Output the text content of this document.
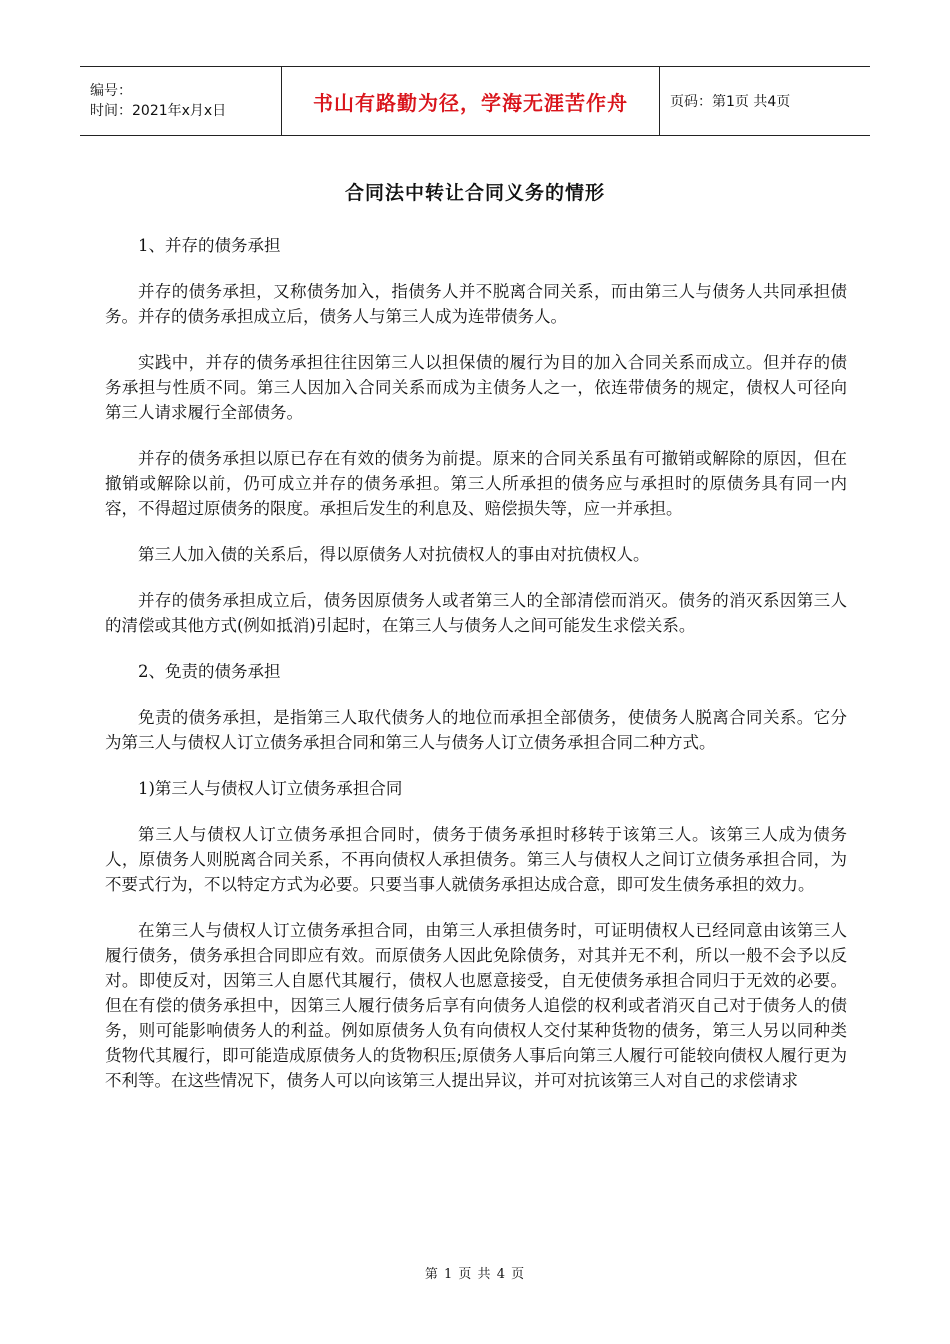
编号：
时间：2021年x月x日	书山有路勤为径，学海无涯苦作舟	页码：第1页 共4页
合同法中转让合同义务的情形

1、并存的债务承担

并存的债务承担，又称债务加入，指债务人并不脱离合同关系，而由第三人与债务人共同承担债务。并存的债务承担成立后，债务人与第三人成为连带债务人。

实践中，并存的债务承担往往因第三人以担保债的履行为目的加入合同关系而成立。但并存的债务承担与性质不同。第三人因加入合同关系而成为主债务人之一，依连带债务的规定，债权人可径向第三人请求履行全部债务。

并存的债务承担以原已存在有效的债务为前提。原来的合同关系虽有可撤销或解除的原因，但在撤销或解除以前，仍可成立并存的债务承担。第三人所承担的债务应与承担时的原债务具有同一内容，不得超过原债务的限度。承担后发生的利息及、赔偿损失等，应一并承担。

第三人加入债的关系后，得以原债务人对抗债权人的事由对抗债权人。

并存的债务承担成立后，债务因原债务人或者第三人的全部清偿而消灭。债务的消灭系因第三人的清偿或其他方式(例如抵消)引起时，在第三人与债务人之间可能发生求偿关系。

2、免责的债务承担

免责的债务承担，是指第三人取代债务人的地位而承担全部债务，使债务人脱离合同关系。它分为第三人与债权人订立债务承担合同和第三人与债务人订立债务承担合同二种方式。

1)第三人与债权人订立债务承担合同

第三人与债权人订立债务承担合同时，债务于债务承担时移转于该第三人。该第三人成为债务人，原债务人则脱离合同关系，不再向债权人承担债务。第三人与债权人之间订立债务承担合同，为不要式行为，不以特定方式为必要。只要当事人就债务承担达成合意，即可发生债务承担的效力。

在第三人与债权人订立债务承担合同，由第三人承担债务时，可证明债权人已经同意由该第三人履行债务，债务承担合同即应有效。而原债务人因此免除债务，对其并无不利，所以一般不会予以反对。即使反对，因第三人自愿代其履行，债权人也愿意接受，自无使债务承担合同归于无效的必要。但在有偿的债务承担中，因第三人履行债务后享有向债务人追偿的权利或者消灭自己对于债务人的债务，则可能影响债务人的利益。例如原债务人负有向债权人交付某种货物的债务，第三人另以同种类货物代其履行，即可能造成原债务人的货物积压;原债务人事后向第三人履行可能较向债权人履行更为不利等。在这些情况下，债务人可以向该第三人提出异议，并可对抗该第三人对自己的求偿请求

第 1 页 共 4 页
